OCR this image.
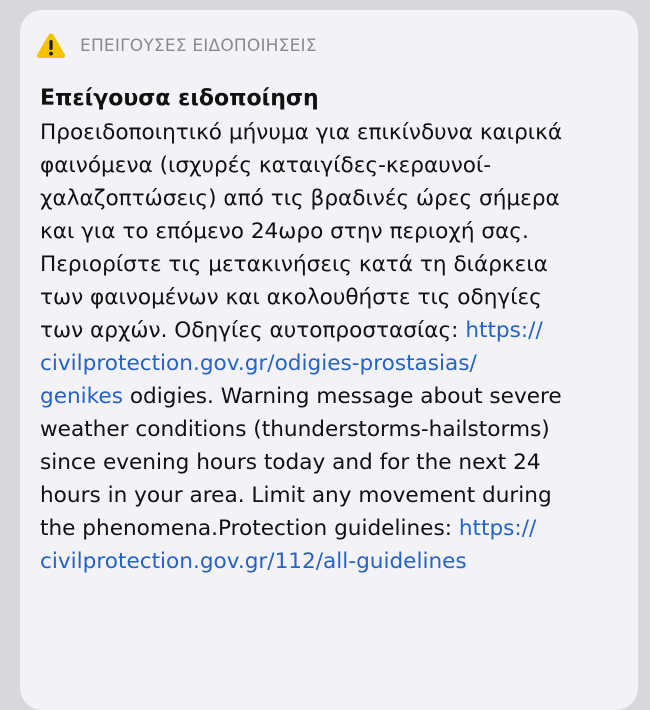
ΕΠΕΙΓΟΥΣΕΣ ΕΙΔΟΠΟΙΗΣΕΙΣ
Επείγουσα ειδοποίηση
Προειδοποιητικό μήνυμα για επικίνδυνα καιρικά
φαινόμενα (ισχυρές καταιγίδες-κεραυνοί-
χαλαζοπτώσεις) από τις βραδινές ώρες σήμερα
και για το επόμενο 24ωρο στην περιοχή σας.
Περιορίστε τις μετακινήσεις κατά τη διάρκεια
των φαινομένων και ακολουθήστε τις οδηγίες
των αρχών. Οδηγίες αυτοπροστασίας: https://
civilprotection.gov.gr/odigies-prostasias/
genikes odigies. Warning message about severe
weather conditions (thunderstorms-hailstorms)
since evening hours today and for the next 24
hours in your area. Limit any movement during
the phenomena.Protection guidelines: https://
civilprotection.gov.gr/112/all-guidelines
